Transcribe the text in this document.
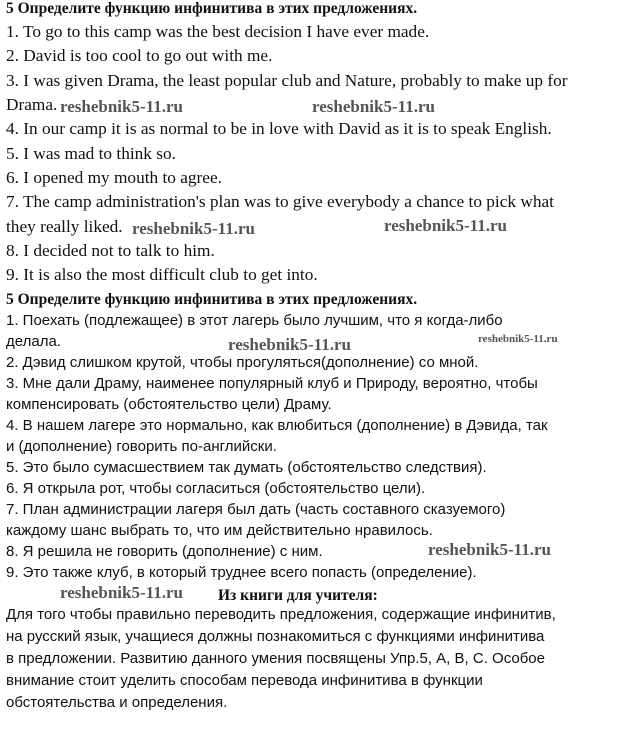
5 Определите функцию инфинитива в этих предложениях.
1. To go to this camp was the best decision I have ever made.
2. David is too cool to go out with me.
3. I was given Drama, the least popular club and Nature, probably to make up for
Drama.
4. In our camp it is as normal to be in love with David as it is to speak English.
5. I was mad to think so.
6. I opened my mouth to agree.
7. The camp administration's plan was to give everybody a chance to pick what
they really liked.
8. I decided not to talk to him.
9. It is also the most difficult club to get into.
5 Определите функцию инфинитива в этих предложениях.
1. Поехать (подлежащее) в этот лагерь было лучшим, что я когда-либо
делала.
2. Дэвид слишком крутой, чтобы прогуляться(дополнение) со мной.
3. Мне дали Драму, наименее популярный клуб и Природу, вероятно, чтобы
компенсировать (обстоятельство цели) Драму.
4. В нашем лагере это нормально, как влюбиться (дополнение) в Дэвида, так
и (дополнение) говорить по-английски.
5. Это было сумасшествием так думать (обстоятельство следствия).
6. Я открыла рот, чтобы согласиться (обстоятельство цели).
7. План администрации лагеря был дать (часть составного сказуемого)
каждому шанс выбрать то, что им действительно нравилось.
8. Я решила не говорить (дополнение) с ним.
9. Это также клуб, в который труднее всего попасть (определение).
Из книги для учителя:
Для того чтобы правильно переводить предложения, содержащие инфинитив,
на русский язык, учащиеся должны познакомиться с функциями инфинитива
в предложении. Развитию данного умения посвящены Упр.5, А, В, С. Особое
внимание стоит уделить способам перевода инфинитива в функции
обстоятельства и определения.
reshebnik5-11.ru	reshebnik5-11.ru
reshebnik5-11.ru	reshebnik5-11.ru
reshebnik5-11.ru	reshebnik5-11.ru
reshebnik5-11.ru
reshebnik5-11.ru
